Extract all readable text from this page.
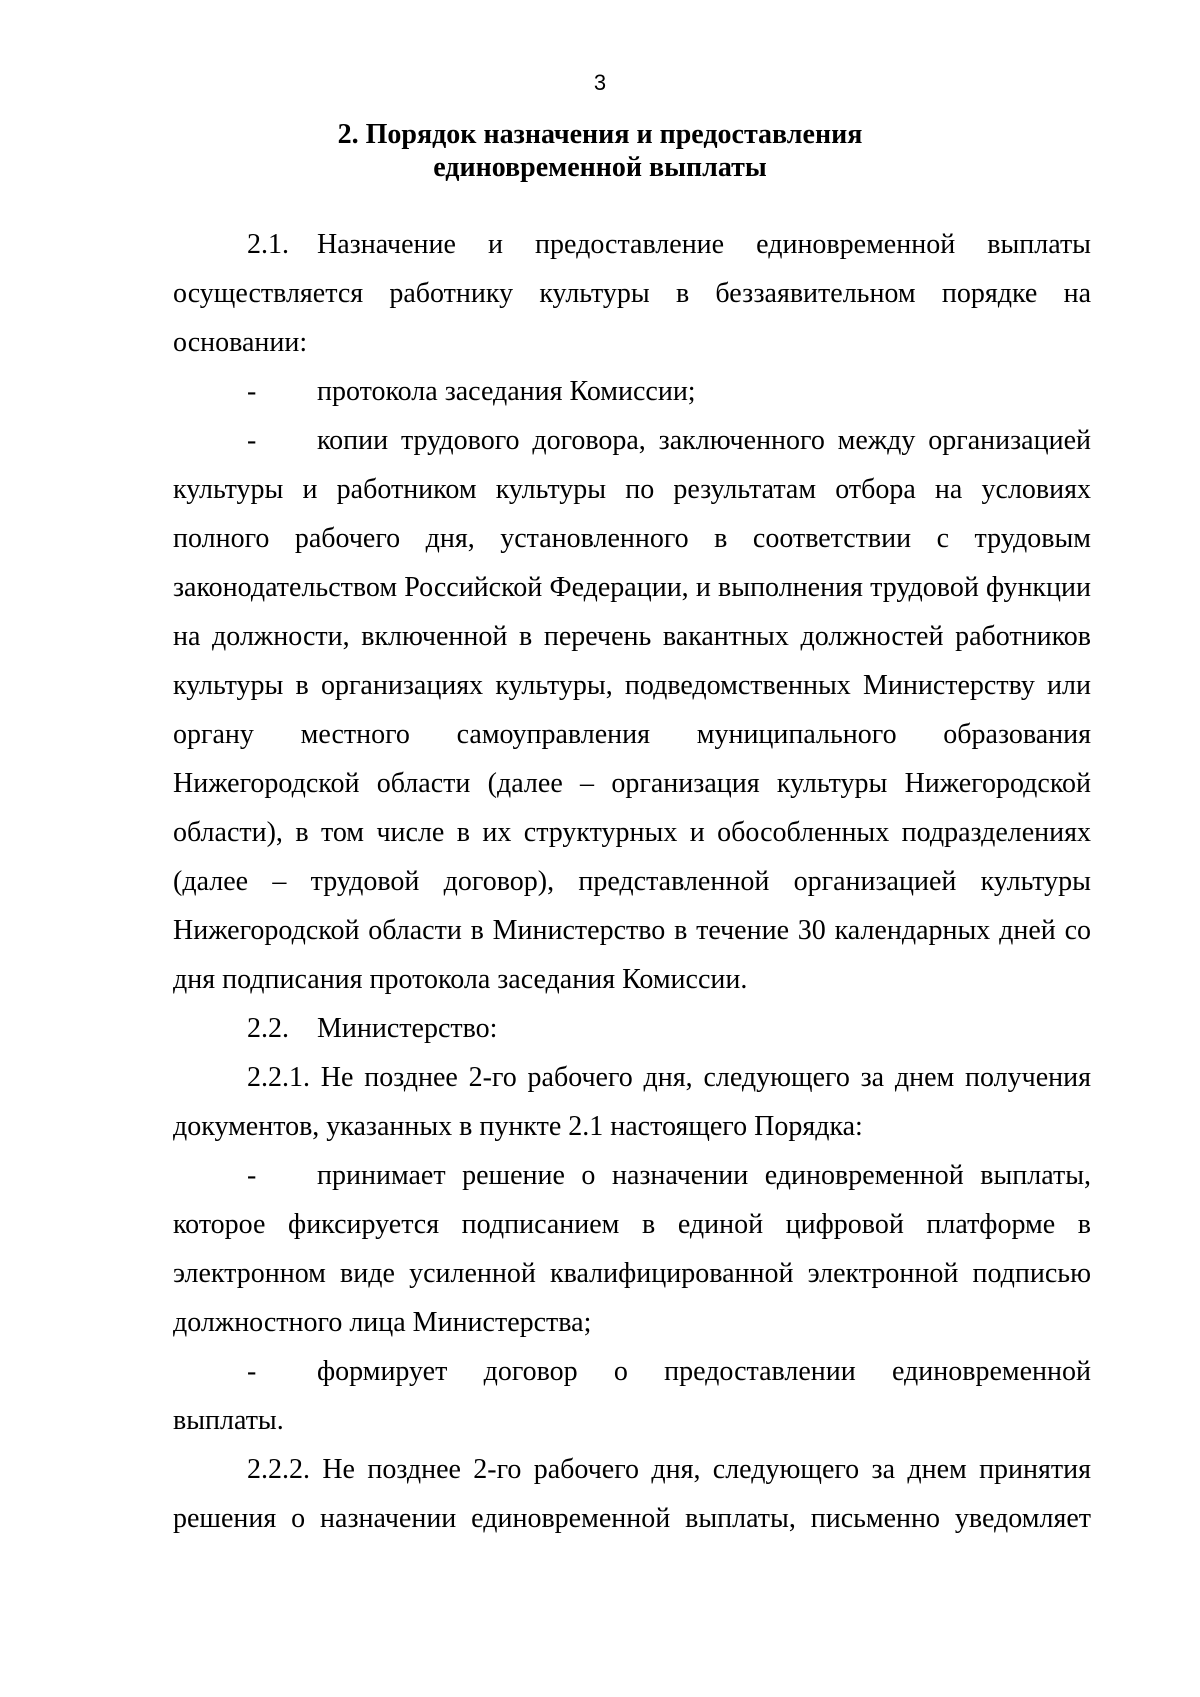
3
2. Порядок назначения и предоставления
единовременной выплаты

2.1. Назначение и предоставление единовременной выплаты осуществляется работнику культуры в беззаявительном порядке на основании:

- протокола заседания Комиссии;

- копии трудового договора, заключенного между организацией культуры и работником культуры по результатам отбора на условиях полного рабочего дня, установленного в соответствии с трудовым законодательством Российской Федерации, и выполнения трудовой функции на должности, включенной в перечень вакантных должностей работников культуры в организациях культуры, подведомственных Министерству или органу местного самоуправления муниципального образования Нижегородской области (далее – организация культуры Нижегородской области), в том числе в их структурных и обособленных подразделениях (далее – трудовой договор), представленной организацией культуры Нижегородской области в Министерство в течение 30 календарных дней со дня подписания протокола заседания Комиссии.

2.2. Министерство:

2.2.1. Не позднее 2-го рабочего дня, следующего за днем получения документов, указанных в пункте 2.1 настоящего Порядка:

- принимает решение о назначении единовременной выплаты, которое фиксируется подписанием в единой цифровой платформе в электронном виде усиленной квалифицированной электронной подписью должностного лица Министерства;

- формирует договор о предоставлении единовременной выплаты.

2.2.2. Не позднее 2-го рабочего дня, следующего за днем принятия решения о назначении единовременной выплаты, письменно уведомляет
